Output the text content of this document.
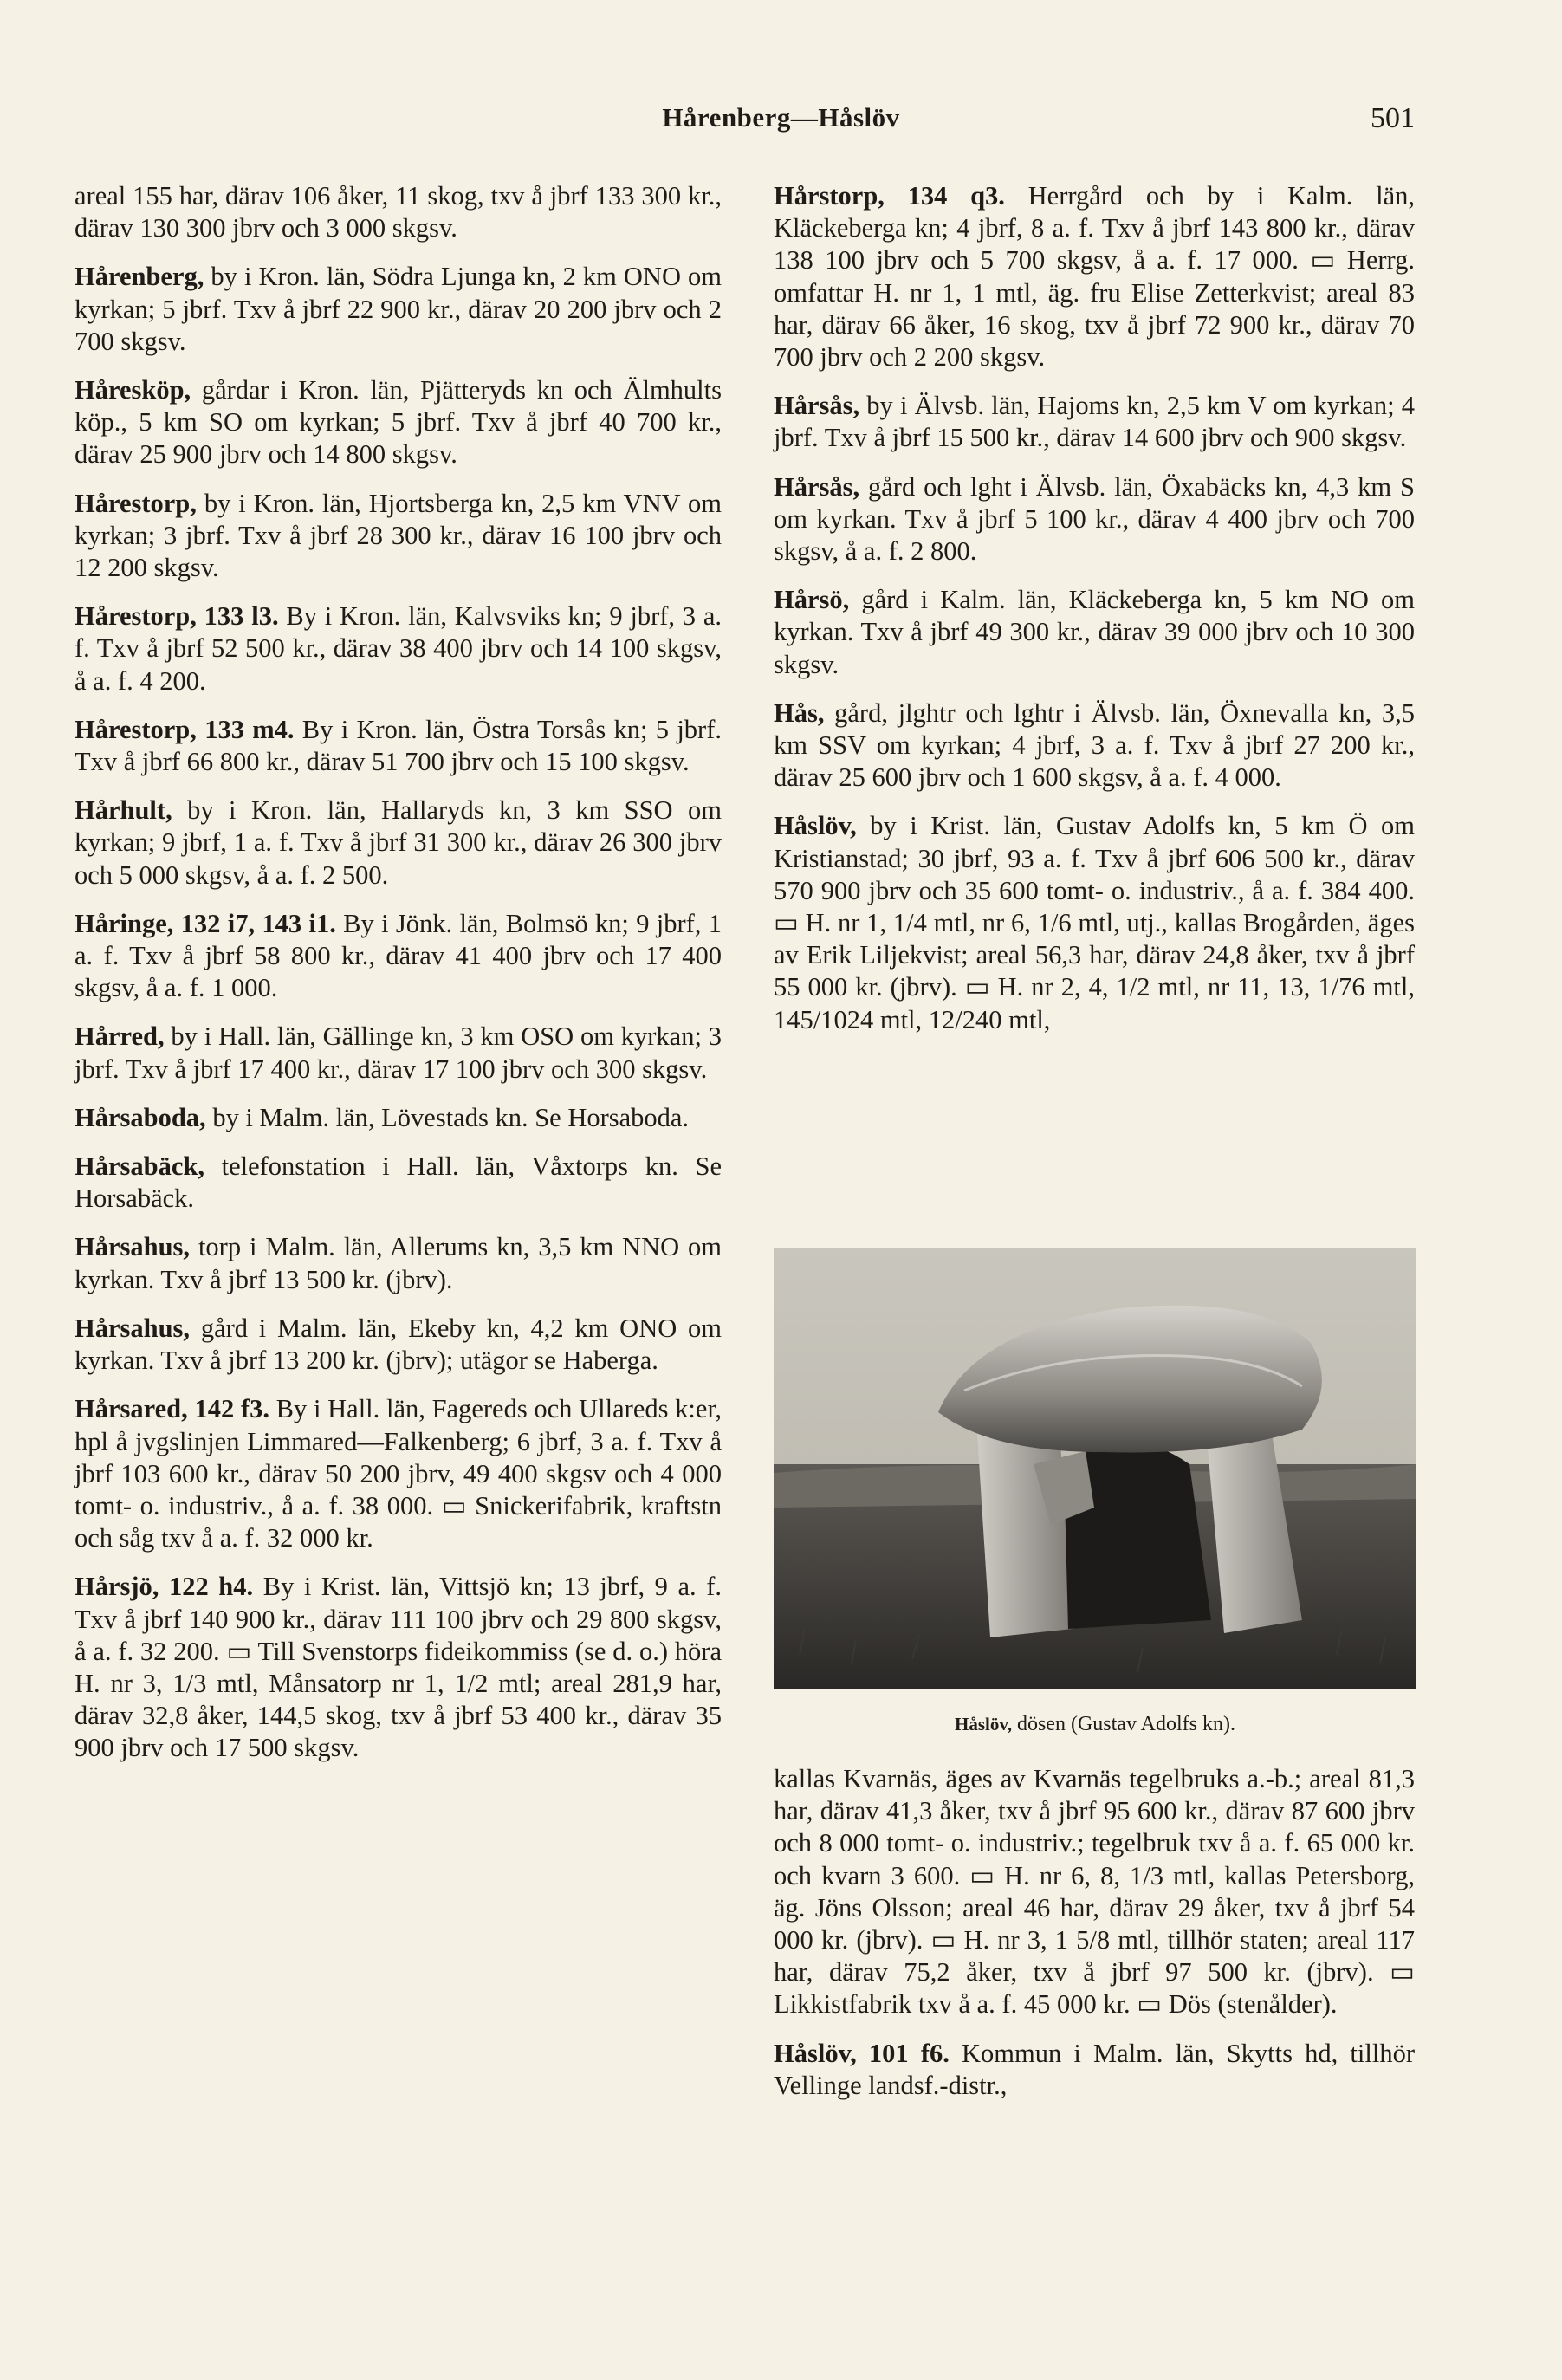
Hårenberg—Håslöv	501

areal 155 har, därav 106 åker, 11 skog, txv å jbrf 133 300 kr., därav 130 300 jbrv och 3 000 skgsv.

Hårenberg, by i Kron. län, Södra Ljunga kn, 2 km ONO om kyrkan; 5 jbrf. Txv å jbrf 22 900 kr., därav 20 200 jbrv och 2 700 skgsv.

Håresköp, gårdar i Kron. län, Pjätteryds kn och Älmhults köp., 5 km SO om kyrkan; 5 jbrf. Txv å jbrf 40 700 kr., därav 25 900 jbrv och 14 800 skgsv.

Hårestorp, by i Kron. län, Hjortsberga kn, 2,5 km VNV om kyrkan; 3 jbrf. Txv å jbrf 28 300 kr., därav 16 100 jbrv och 12 200 skgsv.

Hårestorp, 133 l3. By i Kron. län, Kalvsviks kn; 9 jbrf, 3 a. f. Txv å jbrf 52 500 kr., därav 38 400 jbrv och 14 100 skgsv, å a. f. 4 200.

Hårestorp, 133 m4. By i Kron. län, Östra Torsås kn; 5 jbrf. Txv å jbrf 66 800 kr., därav 51 700 jbrv och 15 100 skgsv.

Hårhult, by i Kron. län, Hallaryds kn, 3 km SSO om kyrkan; 9 jbrf, 1 a. f. Txv å jbrf 31 300 kr., därav 26 300 jbrv och 5 000 skgsv, å a. f. 2 500.

Håringe, 132 i7, 143 i1. By i Jönk. län, Bolmsö kn; 9 jbrf, 1 a. f. Txv å jbrf 58 800 kr., därav 41 400 jbrv och 17 400 skgsv, å a. f. 1 000.

Hårred, by i Hall. län, Gällinge kn, 3 km OSO om kyrkan; 3 jbrf. Txv å jbrf 17 400 kr., därav 17 100 jbrv och 300 skgsv.

Hårsaboda, by i Malm. län, Lövestads kn. Se Horsaboda.

Hårsabäck, telefonstation i Hall. län, Våxtorps kn. Se Horsabäck.

Hårsahus, torp i Malm. län, Allerums kn, 3,5 km NNO om kyrkan. Txv å jbrf 13 500 kr. (jbrv).

Hårsahus, gård i Malm. län, Ekeby kn, 4,2 km ONO om kyrkan. Txv å jbrf 13 200 kr. (jbrv); utägor se Haberga.

Hårsared, 142 f3. By i Hall. län, Fagereds och Ullareds k:er, hpl å jvgslinjen Limmared—Falkenberg; 6 jbrf, 3 a. f. Txv å jbrf 103 600 kr., därav 50 200 jbrv, 49 400 skgsv och 4 000 tomt- o. industriv., å a. f. 38 000. ▭ Snickerifabrik, kraftstn och såg txv å a. f. 32 000 kr.

Hårsjö, 122 h4. By i Krist. län, Vittsjö kn; 13 jbrf, 9 a. f. Txv å jbrf 140 900 kr., därav 111 100 jbrv och 29 800 skgsv, å a. f. 32 200. ▭ Till Svenstorps fideikommiss (se d. o.) höra H. nr 3, 1/3 mtl, Månsatorp nr 1, 1/2 mtl; areal 281,9 har, därav 32,8 åker, 144,5 skog, txv å jbrf 53 400 kr., därav 35 900 jbrv och 17 500 skgsv.

Hårstorp, 134 q3. Herrgård och by i Kalm. län, Kläckeberga kn; 4 jbrf, 8 a. f. Txv å jbrf 143 800 kr., därav 138 100 jbrv och 5 700 skgsv, å a. f. 17 000. ▭ Herrg. omfattar H. nr 1, 1 mtl, äg. fru Elise Zetterkvist; areal 83 har, därav 66 åker, 16 skog, txv å jbrf 72 900 kr., därav 70 700 jbrv och 2 200 skgsv.

Hårsås, by i Älvsb. län, Hajoms kn, 2,5 km V om kyrkan; 4 jbrf. Txv å jbrf 15 500 kr., därav 14 600 jbrv och 900 skgsv.

Hårsås, gård och lght i Älvsb. län, Öxabäcks kn, 4,3 km S om kyrkan. Txv å jbrf 5 100 kr., därav 4 400 jbrv och 700 skgsv, å a. f. 2 800.

Hårsö, gård i Kalm. län, Kläckeberga kn, 5 km NO om kyrkan. Txv å jbrf 49 300 kr., därav 39 000 jbrv och 10 300 skgsv.

Hås, gård, jlghtr och lghtr i Älvsb. län, Öxnevalla kn, 3,5 km SSV om kyrkan; 4 jbrf, 3 a. f. Txv å jbrf 27 200 kr., därav 25 600 jbrv och 1 600 skgsv, å a. f. 4 000.

Håslöv, by i Krist. län, Gustav Adolfs kn, 5 km Ö om Kristianstad; 30 jbrf, 93 a. f. Txv å jbrf 606 500 kr., därav 570 900 jbrv och 35 600 tomt- o. industriv., å a. f. 384 400. ▭ H. nr 1, 1/4 mtl, nr 6, 1/6 mtl, utj., kallas Brogården, äges av Erik Liljekvist; areal 56,3 har, därav 24,8 åker, txv å jbrf 55 000 kr. (jbrv). ▭ H. nr 2, 4, 1/2 mtl, nr 11, 13, 1/76 mtl, 145/1024 mtl, 12/240 mtl,

Håslöv, dösen (Gustav Adolfs kn).

kallas Kvarnäs, äges av Kvarnäs tegelbruks a.-b.; areal 81,3 har, därav 41,3 åker, txv å jbrf 95 600 kr., därav 87 600 jbrv och 8 000 tomt- o. industriv.; tegelbruk txv å a. f. 65 000 kr. och kvarn 3 600. ▭ H. nr 6, 8, 1/3 mtl, kallas Petersborg, äg. Jöns Olsson; areal 46 har, därav 29 åker, txv å jbrf 54 000 kr. (jbrv). ▭ H. nr 3, 1 5/8 mtl, tillhör staten; areal 117 har, därav 75,2 åker, txv å jbrf 97 500 kr. (jbrv). ▭ Likkistfabrik txv å a. f. 45 000 kr. ▭ Dös (stenålder).

Håslöv, 101 f6. Kommun i Malm. län, Skytts hd, tillhör Vellinge landsf.-distr.,
